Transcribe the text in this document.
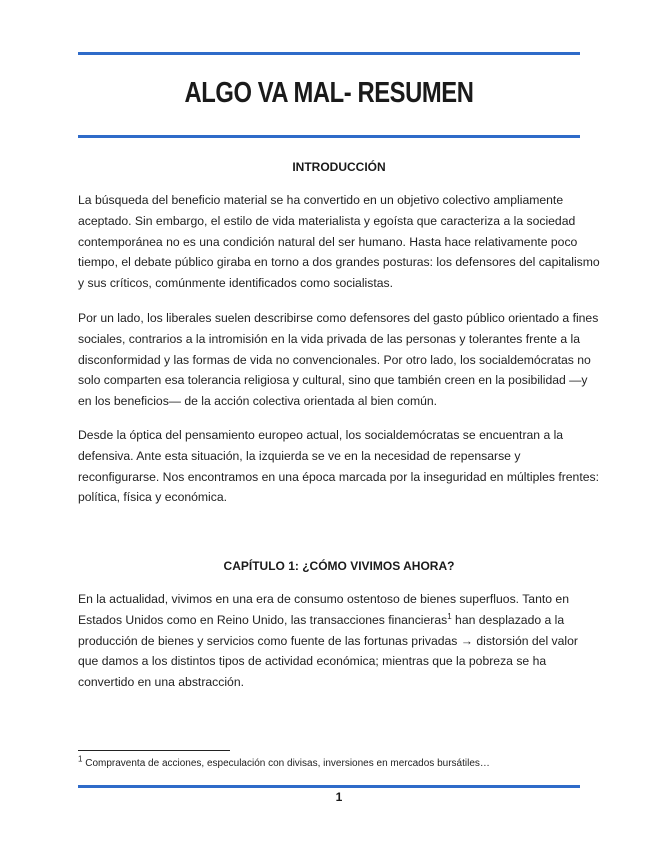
ALGO VA MAL- RESUMEN
INTRODUCCIÓN

La búsqueda del beneficio material se ha convertido en un objetivo colectivo ampliamente aceptado. Sin embargo, el estilo de vida materialista y egoísta que caracteriza a la sociedad contemporánea no es una condición natural del ser humano. Hasta hace relativamente poco tiempo, el debate público giraba en torno a dos grandes posturas: los defensores del capitalismo y sus críticos, comúnmente identificados como socialistas.

Por un lado, los liberales suelen describirse como defensores del gasto público orientado a fines sociales, contrarios a la intromisión en la vida privada de las personas y tolerantes frente a la disconformidad y las formas de vida no convencionales. Por otro lado, los socialdemócratas no solo comparten esa tolerancia religiosa y cultural, sino que también creen en la posibilidad —y en los beneficios— de la acción colectiva orientada al bien común.

Desde la óptica del pensamiento europeo actual, los socialdemócratas se encuentran a la defensiva. Ante esta situación, la izquierda se ve en la necesidad de repensarse y reconfigurarse. Nos encontramos en una época marcada por la inseguridad en múltiples frentes: política, física y económica.

CAPÍTULO 1: ¿CÓMO VIVIMOS AHORA?

En la actualidad, vivimos en una era de consumo ostentoso de bienes superfluos. Tanto en Estados Unidos como en Reino Unido, las transacciones financieras$^1$ han desplazado a la producción de bienes y servicios como fuente de las fortunas privadas → distorsión del valor que damos a los distintos tipos de actividad económica; mientras que la pobreza se ha convertido en una abstracción.

$^1$ Compraventa de acciones, especulación con divisas, inversiones en mercados bursátiles…
1
